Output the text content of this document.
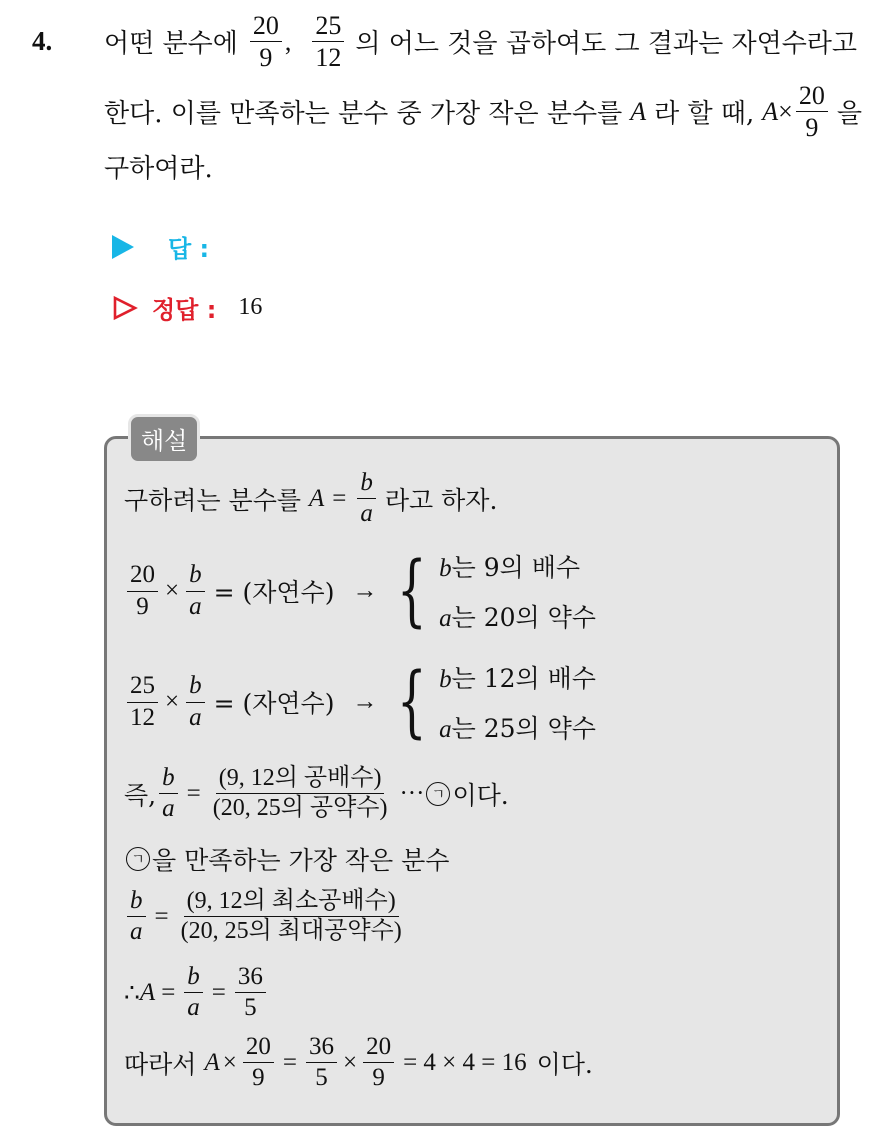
4. 어떤 분수에 $\frac{20}{9}$ , $\frac{25}{12}$ 의 어느 것을 곱하여도 그 결과는 자연수라고
한다. 이를 만족하는 분수 중 가장 작은 분수를 A 라 할 때, $A \times \frac{20}{9}$ 을
구하여라.
답 :
정답 : 16
해설
구하려는 분수를 $A = \frac{b}{a}$ 라고 하자.
$\frac{20}{9} \times \frac{b}{a}$ = (자연수) → { b는 9의 배수
a는 20의 약수
$\frac{25}{12} \times \frac{b}{a}$ = (자연수) → { b는 12의 배수
a는 25의 약수
즉, $\frac{b}{a} = \frac{\text{(9, 12의 공배수)}}{\text{(20, 25의 공약수)}}$ ··· ㄱ 이다.
ㄱ 을 만족하는 가장 작은 분수
$\frac{b}{a} = \frac{\text{(9, 12의 최소공배수)}}{\text{(20, 25의 최대공약수)}}$
∴ $A = \frac{b}{a} = \frac{36}{5}$
따라서 $A \times \frac{20}{9} = \frac{36}{5} \times \frac{20}{9} = 4 \times 4 = 16$ 이다.
